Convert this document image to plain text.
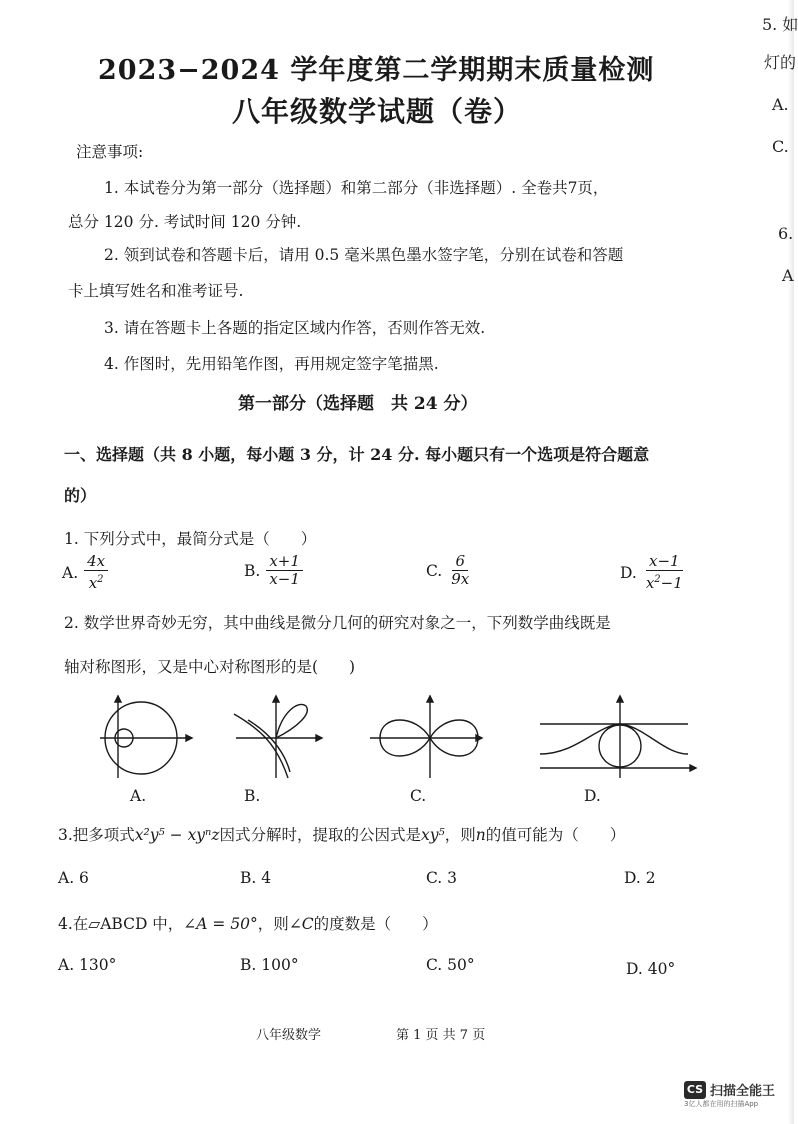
2023−2024 学年度第二学期期末质量检测
八年级数学试题（卷）
注意事项:
1. 本试卷分为第一部分（选择题）和第二部分（非选择题）. 全卷共7页，
总分 120 分. 考试时间 120 分钟.
2. 领到试卷和答题卡后，请用 0.5 毫米黑色墨水签字笔，分别在试卷和答题
卡上填写姓名和准考证号.
3. 请在答题卡上各题的指定区域内作答，否则作答无效.
4. 作图时，先用铅笔作图，再用规定签字笔描黑.
第一部分（选择题　共 24 分）
一、选择题（共 8 小题，每小题 3 分，计 24 分. 每小题只有一个选项是符合题意
的）
1. 下列分式中，最简分式是（　　）
A. $\frac{4x}{x^2}$	B. $\frac{x+1}{x-1}$	C. $\frac{6}{9x}$	D. $\frac{x-1}{x^2-1}$
2. 数学世界奇妙无穷，其中曲线是微分几何的研究对象之一，下列数学曲线既是
轴对称图形，又是中心对称图形的是(　　)
A.	B.	C.	D.
3.把多项式x²y⁵ − xyⁿz因式分解时，提取的公因式是xy⁵，则n的值可能为（　　）
A. 6	B. 4	C. 3	D. 2
4.在▱ABCD 中，∠A = 50°，则∠C的度数是（　　）
A. 130°	B. 100°	C. 50°	D. 40°
八年级数学	第 1 页 共 7 页
5. 如
灯的
A.
C.
6.
A
CS 扫描全能王
3亿人都在用的扫描App
